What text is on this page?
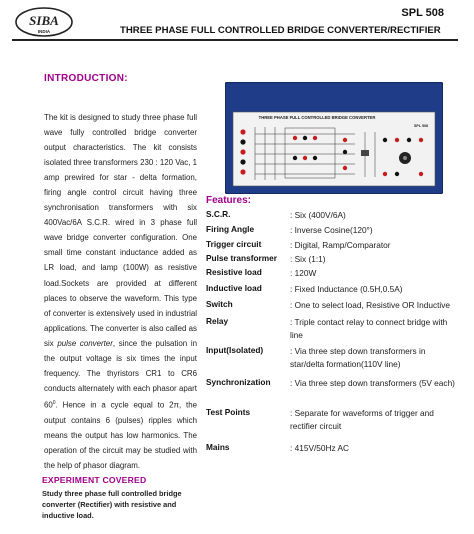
SIBA
INDIA
SPL 508
THREE PHASE FULL CONTROLLED BRIDGE CONVERTER/RECTIFIER
INTRODUCTION:
The kit is designed to study three phase full wave fully controlled bridge converter output characteristics. The kit consists isolated three transformers 230 : 120 Vac, 1 amp prewired for star - delta formation, firing angle control circuit having three synchronisation transformers with six 400Vac/6A S.C.R. wired in 3 phase full wave bridge converter configuration. One small time constant inductance added as LR load, and lamp (100W) as resistive load.Sockets are provided at different places to observe the waveform. This type of converter is extensively used in industrial applications. The converter is also called as six pulse converter, since the pulsation in the output voltage is six times the input frequency. The thyristors CR1 to CR6 conducts alternately with each phasor apart $60^0$. Hence in a cycle equal to 2π, the output contains 6 (pulses) ripples which means the output has low harmonics. The operation of the circuit may be studied with the help of phasor diagram.
THREE PHASE FULL CONTROLLED BRIDGE CONVERTER
SPL 508
Features:
S.C.R.	: Six (400V/6A)
Firing Angle	: Inverse Cosine(120°)
Trigger circuit	: Digital, Ramp/Comparator
Pulse transformer	: Six (1:1)
Resistive load	: 120W
Inductive load	: Fixed Inductance (0.5H,0.5A)
Switch	: One to select load, Resistive OR Inductive
Relay	: Triple contact relay to connect bridge with line
Input(Isolated)	: Via three step down transformers in star/delta formation(110V line)
Synchronization	: Via three step down transformers (5V each)
Test Points	: Separate for waveforms of trigger and rectifier circuit
Mains	: 415V/50Hz AC
EXPERIMENT COVERED
Study three phase full controlled bridge converter (Rectifier) with resistive and inductive load.
